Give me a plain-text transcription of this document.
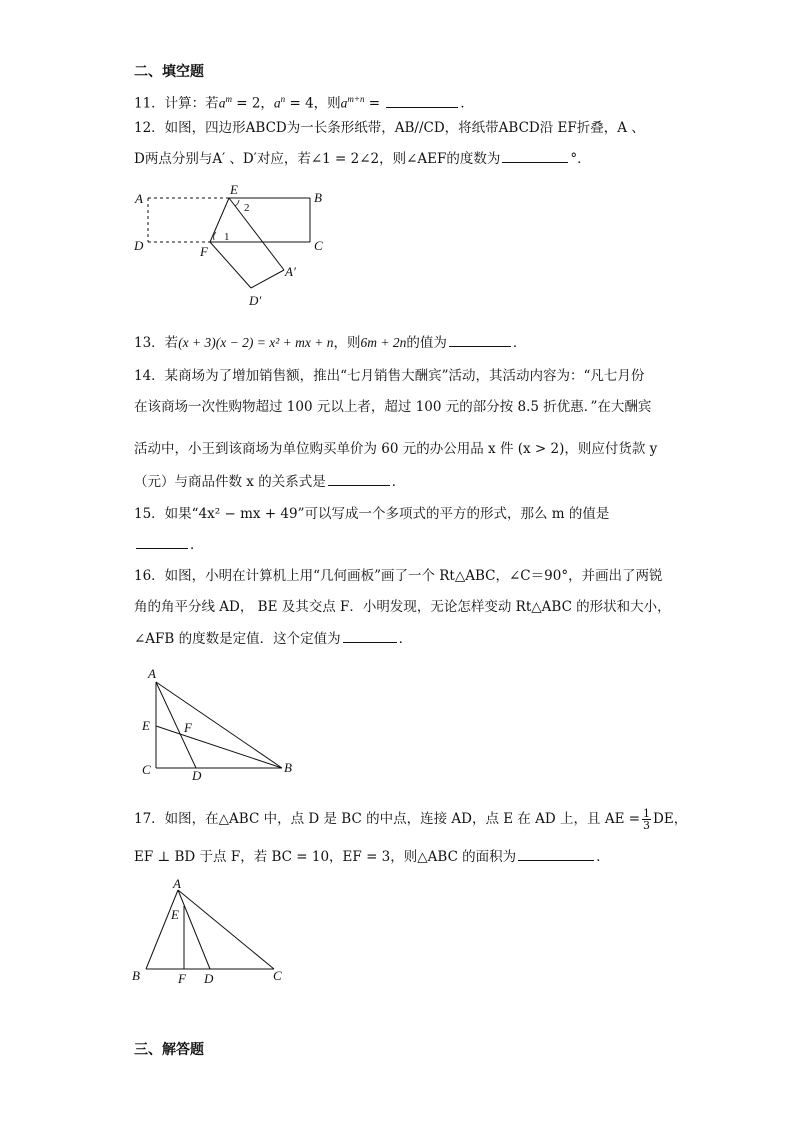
二、填空题
11．计算：若$a^m = 2$，$a^n = 4$，则$a^{m+n}$ =	．
12．如图，四边形ABCD为一长条形纸带，AB//CD，将纸带ABCD沿 EF折叠，A 、
D两点分别与A′ 、D′对应，若∠1 = 2∠2，则∠AEF的度数为	°．
A
E
B
2
1
D	F	C
A′
D′
13．若(x + 3)(x − 2) = x² + mx + n，则6m + 2n的值为	．
14．某商场为了增加销售额，推出“七月销售大酬宾”活动，其活动内容为：“凡七月份
在该商场一次性购物超过 100 元以上者，超过 100 元的部分按 8.5 折优惠．”在大酬宾
活动中，小王到该商场为单位购买单价为 60 元的办公用品 x 件 (x > 2)，则应付货款 y
（元）与商品件数 x 的关系式是	．
15．如果“4x² − mx + 49”可以写成一个多项式的平方的形式，那么 m 的值是
．
16．如图，小明在计算机上用“几何画板”画了一个 Rt△ABC，∠C＝90°，并画出了两锐
角的角平分线 AD， BE 及其交点 F．小明发现，无论怎样变动 Rt△ABC 的形状和大小，
∠AFB 的度数是定值．这个定值为	．
A
E	F
C	D
B
17．如图，在△ABC 中，点 D 是 BC 的中点，连接 AD，点 E 在 AD 上，且 AE = $\frac{1}{3}$ DE，
EF ⊥ BD 于点 F，若 BC = 10，EF = 3，则△ABC 的面积为	．
A
E
B	F D	C
三、解答题
